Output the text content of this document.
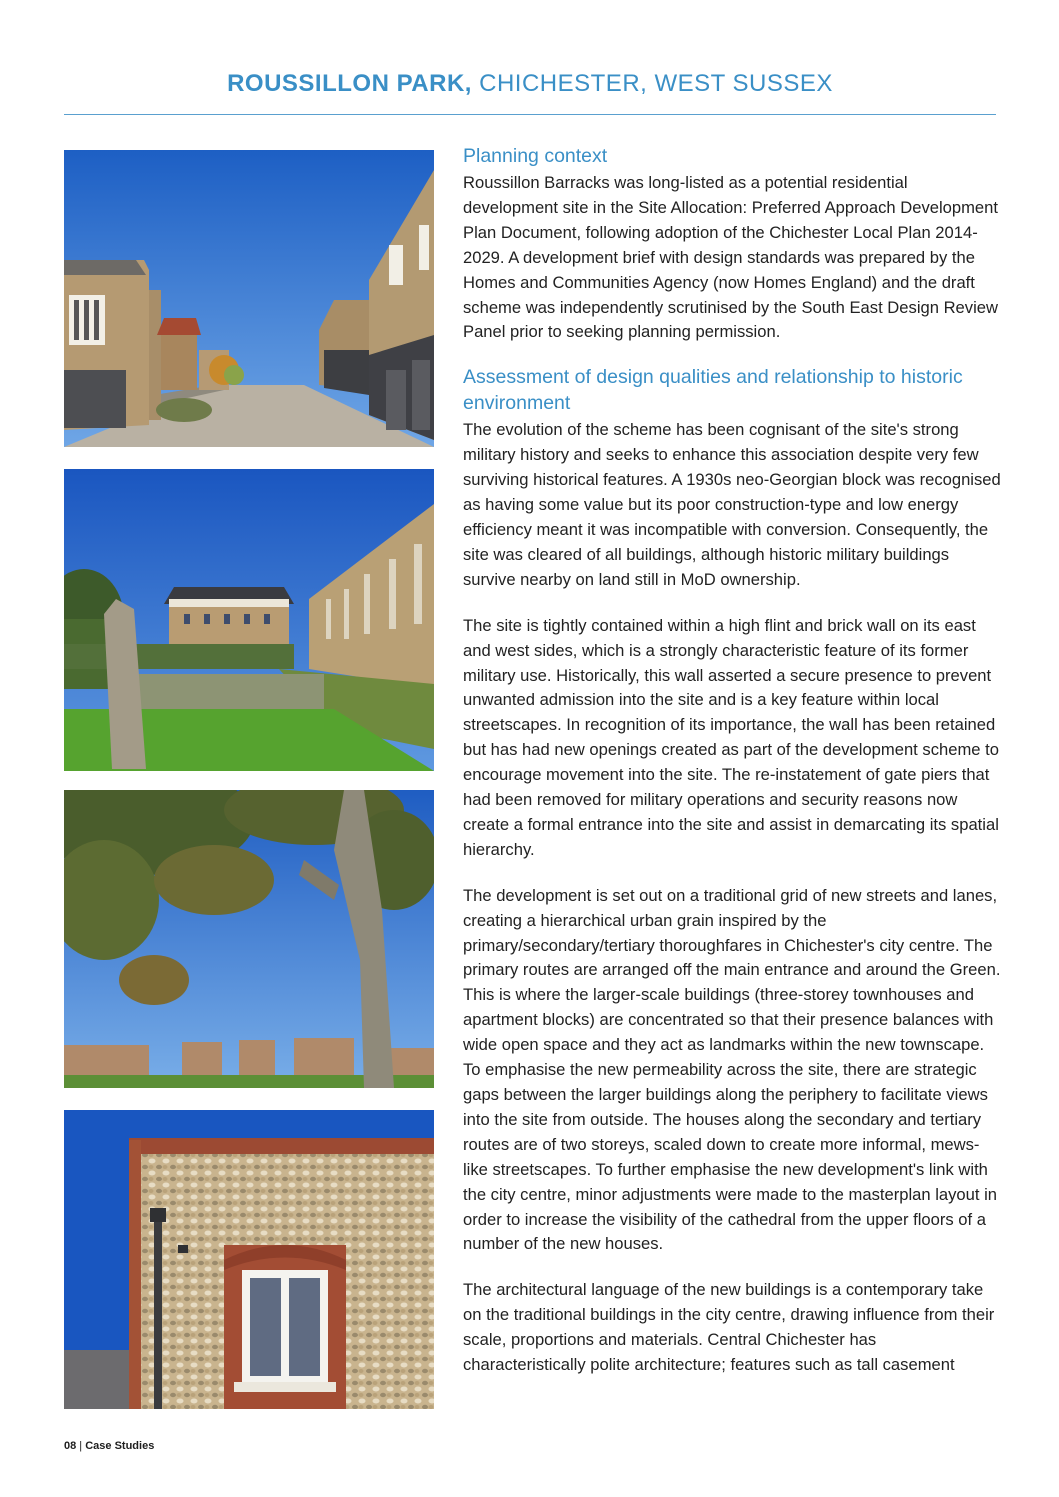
ROUSSILLON PARK, CHICHESTER, WEST SUSSEX
Planning context

Roussillon Barracks was long-listed as a potential residential development site in the Site Allocation: Preferred Approach Development Plan Document, following adoption of the Chichester Local Plan 2014-2029. A development brief with design standards was prepared by the Homes and Communities Agency (now Homes England) and the draft scheme was independently scrutinised by the South East Design Review Panel prior to seeking planning permission.

Assessment of design qualities and relationship to historic environment

The evolution of the scheme has been cognisant of the site's strong military history and seeks to enhance this association despite very few surviving historical features. A 1930s neo-Georgian block was recognised as having some value but its poor construction-type and low energy efficiency meant it was incompatible with conversion. Consequently, the site was cleared of all buildings, although historic military buildings survive nearby on land still in MoD ownership.

The site is tightly contained within a high flint and brick wall on its east and west sides, which is a strongly characteristic feature of its former military use. Historically, this wall asserted a secure presence to prevent unwanted admission into the site and is a key feature within local streetscapes. In recognition of its importance, the wall has been retained but has had new openings created as part of the development scheme to encourage movement into the site. The re-instatement of gate piers that had been removed for military operations and security reasons now create a formal entrance into the site and assist in demarcating its spatial hierarchy.

The development is set out on a traditional grid of new streets and lanes, creating a hierarchical urban grain inspired by the primary/secondary/tertiary thoroughfares in Chichester's city centre. The primary routes are arranged off the main entrance and around the Green. This is where the larger-scale buildings (three-storey townhouses and apartment blocks) are concentrated so that their presence balances with wide open space and they act as landmarks within the new townscape. To emphasise the new permeability across the site, there are strategic gaps between the larger buildings along the periphery to facilitate views into the site from outside. The houses along the secondary and tertiary routes are of two storeys, scaled down to create more informal, mews-like streetscapes. To further emphasise the new development's link with the city centre, minor adjustments were made to the masterplan layout in order to increase the visibility of the cathedral from the upper floors of a number of the new houses.

The architectural language of the new buildings is a contemporary take on the traditional buildings in the city centre, drawing influence from their scale, proportions and materials. Central Chichester has characteristically polite architecture; features such as tall casement

08 | Case Studies
